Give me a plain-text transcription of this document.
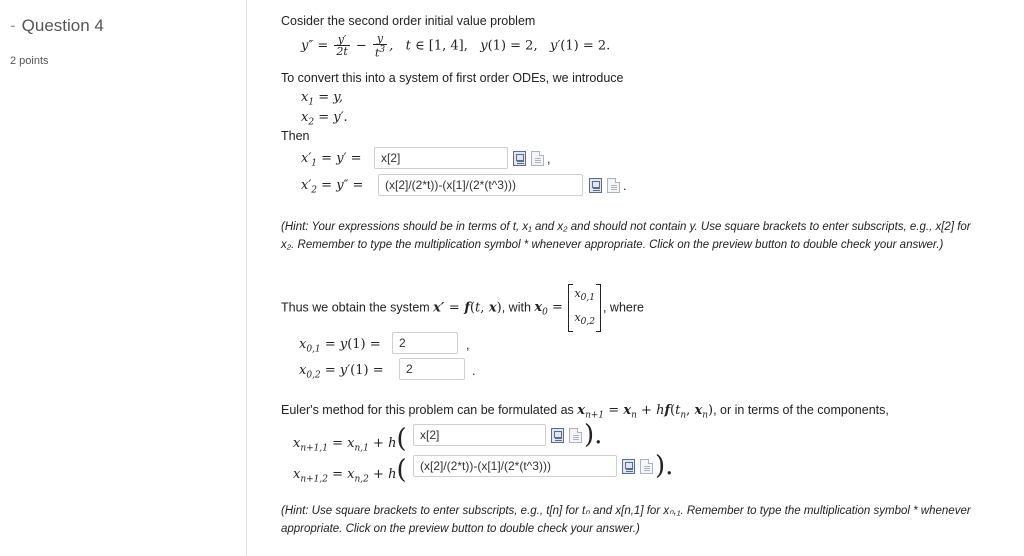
- Question 4
2 points
Cosider the second order initial value problem
$y'' = \frac{y'}{2t} - \frac{y}{t^3}$ ,   t ∈ [1, 4],   y(1) = 2,   y′(1) = 2.
To convert this into a system of first order ODEs, we introduce
$x_1 = y$,
$x_2 = y'$.
Then
$x'_1 = y'$ =	x[2]	,
$x'_2 = y''$ =	(x[2]/(2*t))-(x[1]/(2*(t^3)))	.
(Hint: Your expressions should be in terms of t, x₁ and x₂ and should not contain y. Use square brackets to enter subscripts, e.g., x[2] for x₂. Remember to type the multiplication symbol * whenever appropriate. Click on the preview button to double check your answer.)
Thus we obtain the system x′ = f(t, x), with $x_0 = x_{0,1}$
$x_{0,2}$, where
$x_{0,1} = y(1)$ =	2	,
$x_{0,2} = y'(1)$ =	2	.
Euler's method for this problem can be formulated as $x_{n+1} = x_n + hf(t_n$, $x_n$), or in terms of the components,
$x_{n+1,1} = x_{n,1} + h$(	x[2]	).
$x_{n+1,2} = x_{n,2} + h$(	(x[2]/(2*t))-(x[1]/(2*(t^3)))	).
(Hint: Use square brackets to enter subscripts, e.g., t[n] for tₙ and x[n,1] for xₙ,₁. Remember to type the multiplication symbol * whenever appropriate. Click on the preview button to double check your answer.)
